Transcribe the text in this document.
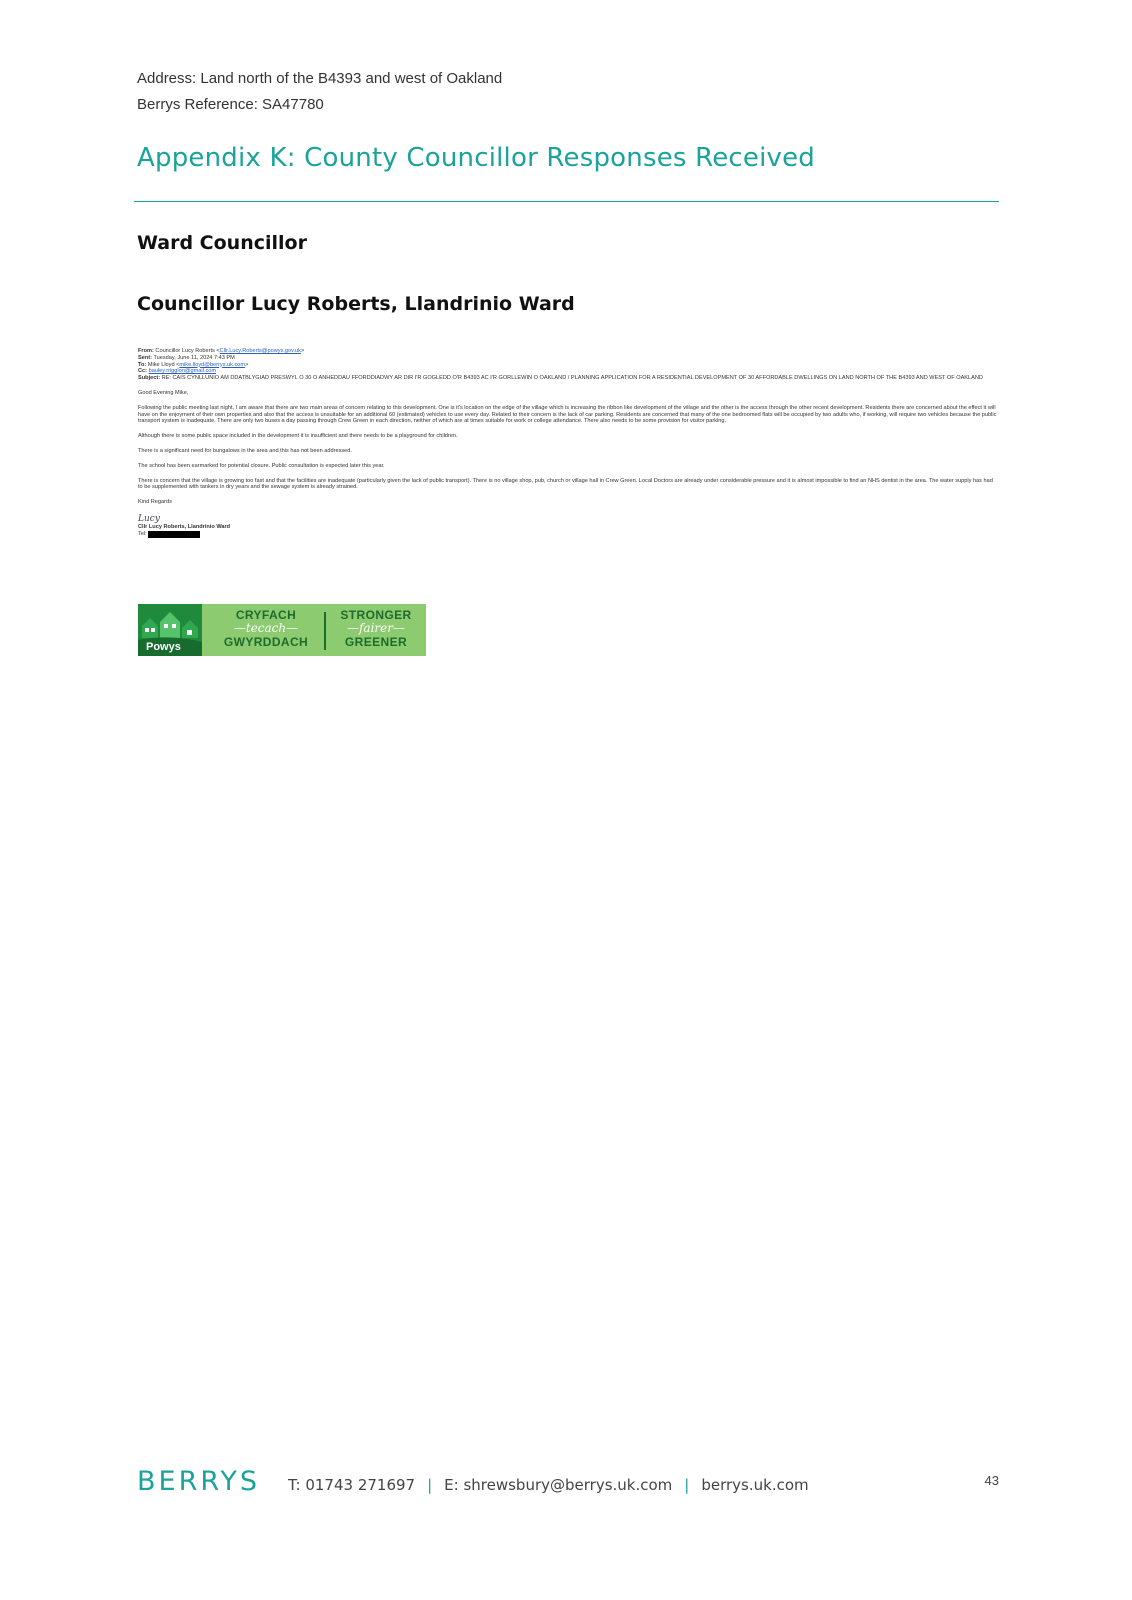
Address: Land north of the B4393 and west of Oakland
Berrys Reference: SA47780
Appendix K: County Councillor Responses Received
Ward Councillor
Councillor Lucy Roberts, Llandrinio Ward
From: Councillor Lucy Roberts <Cllr.Lucy.Roberts@powys.gov.uk>
Sent: Tuesday, June 11, 2024 7:43 PM
To: Mike Lloyd <mike.lloyd@berrys.uk.com>
Cc: bauley.rrigglon@gmail.com
Subject: RE: CAIS CYNLLUNIO AM DDATBLYGIAD PRESWYL O 30 O ANHEDDAU FFORDDIADWY AR DIR I'R GOGLEDD O'R B4393 AC I'R GORLLEWIN O OAKLAND / PLANNING APPLICATION FOR A RESIDENTIAL DEVELOPMENT OF 30 AFFORDABLE DWELLINGS ON LAND NORTH OF THE B4393 AND WEST OF OAKLAND

Good Evening Mike,

Following the public meeting last night, I am aware that there are two main areas of concern relating to this development. One is it's location on the edge of the village which is increasing the ribbon like development of the village and the other is the access through the other recent development. Residents there are concerned about the effect it will have on the enjoyment of their own properties and also that the access is unsuitable for an additional 60 (estimated) vehicles to use every day. Related to their concern is the lack of car parking. Residents are concerned that many of the one bedroomed flats will be occupied by two adults who, if working, will require two vehicles because the public transport system is inadequate. There are only two buses a day passing through Crew Green in each direction, neither of which are at times suitable for work or college attendance. There also needs to be some provision for visitor parking.

Although there is some public space included in the development it is insufficient and there needs to be a playground for children.

There is a significant need for bungalows in the area and this has not been addressed.

The school has been earmarked for potential closure. Public consultation is expected later this year.

There is concern that the village is growing too fast and that the facilities are inadequate (particularly given the lack of public transport). There is no village shop, pub, church or village hall in Crew Green. Local Doctors are already under considerable pressure and it is almost impossible to find an NHS dentist in the area. The water supply has had to be supplemented with tankers in dry years and the sewage system is already strained.

Kind Regards

Lucy
Cllr Lucy Roberts, Llandrinio Ward
Tel:
Powys
CRYFACH
—tecach—
GWYRDDACH
STRONGER
—fairer—
GREENER
BERRYS T: 01743 271697 | E: shrewsbury@berrys.uk.com | berrys.uk.com	43
